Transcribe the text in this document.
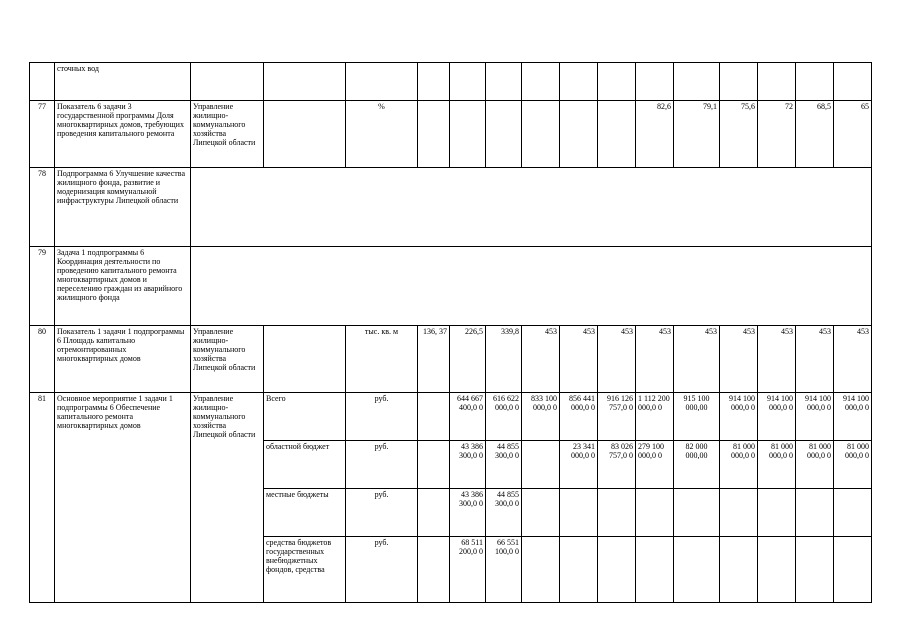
	сточных вод															
77	Показатель 6 задачи 3 государственной программы Доля многоквартирных домов, требующих проведения капитального ремонта	Управление жилищно-коммунального хозяйства Липецкой области		%							82,6	79,1	75,6	72	68,5	65
78	Подпрограмма 6 Улучшение качества жилищного фонда, развитие и модернизация коммунальной инфраструктуры Липецкой области															
79	Задача 1 подпрограммы 6 Координация деятельности по проведению капитального ремонта многоквартирных домов и переселению граждан из аварийного жилищного фонда															
80	Показатель 1 задачи 1 подпрограммы 6 Площадь капитально отремонтированных многоквартирных домов	Управление жилищно-коммунального хозяйства Липецкой области		тыс. кв. м	136, 37	226,5	339,8	453	453	453	453	453	453	453	453	453
81	Основное мероприятие 1 задачи 1 подпрограммы 6 Обеспечение капитального ремонта многоквартирных домов	Управление жилищно-коммунального хозяйства Липецкой области	Всего	руб.		644 667 400,0 0	616 622 000,0 0	833 100 000,0 0	856 441 000,0 0	916 126 757,0 0	1 112 200 000,0 0	915 100 000,00	914 100 000,0 0	914 100 000,0 0	914 100 000,0 0	914 100 000,0 0
			областной бюджет	руб.		43 386 300,0 0	44 855 300,0 0		23 341 000,0 0	83 026 757,0 0	279 100 000,0 0	82 000 000,00	81 000 000,0 0	81 000 000,0 0	81 000 000,0 0	81 000 000,0 0
			местные бюджеты	руб.		43 386 300,0 0	44 855 300,0 0									
			средства бюджетов государственных внебюджетных фондов, средства	руб.		68 511 200,0 0	66 551 100,0 0									
